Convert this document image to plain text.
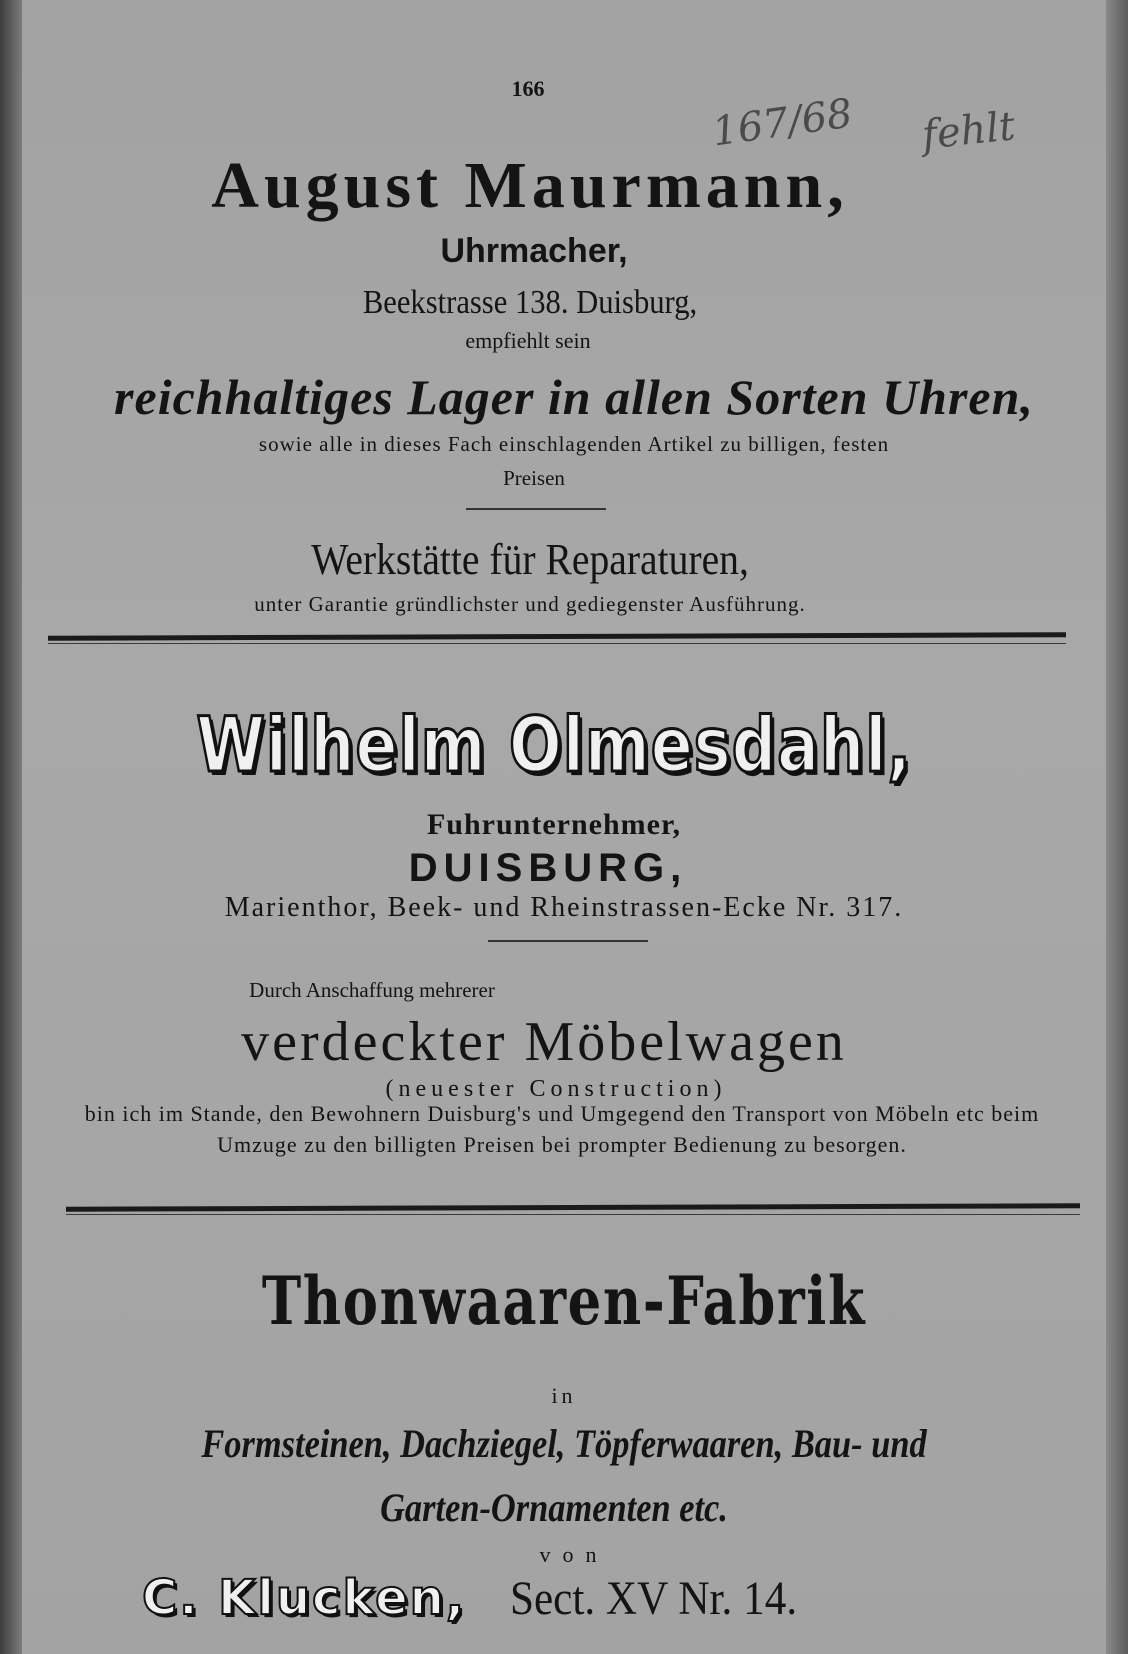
166
167/68 fehlt
August Maurmann,
Uhrmacher,
Beekstrasse 138. Duisburg,
empfiehlt sein
reichhaltiges Lager in allen Sorten Uhren,
sowie alle in dieses Fach einschlagenden Artikel zu billigen, festen
Preisen
Werkstätte für Reparaturen,
unter Garantie gründlichster und gediegenster Ausführung.
Wilhelm Olmesdahl,
Fuhrunternehmer,
DUISBURG,
Marienthor, Beek- und Rheinstrassen-Ecke Nr. 317.
Durch Anschaffung mehrerer
verdeckter Möbelwagen
(neuester Construction)
bin ich im Stande, den Bewohnern Duisburg's und Umgegend den Transport von Möbeln etc beim Umzuge zu den billigten Preisen bei prompter Bedienung zu besorgen.
Thonwaaren-Fabrik
in
Formsteinen, Dachziegel, Töpferwaaren, Bau- und
Garten-Ornamenten etc.
von
C. Klucken, Sect. XV Nr. 14.
